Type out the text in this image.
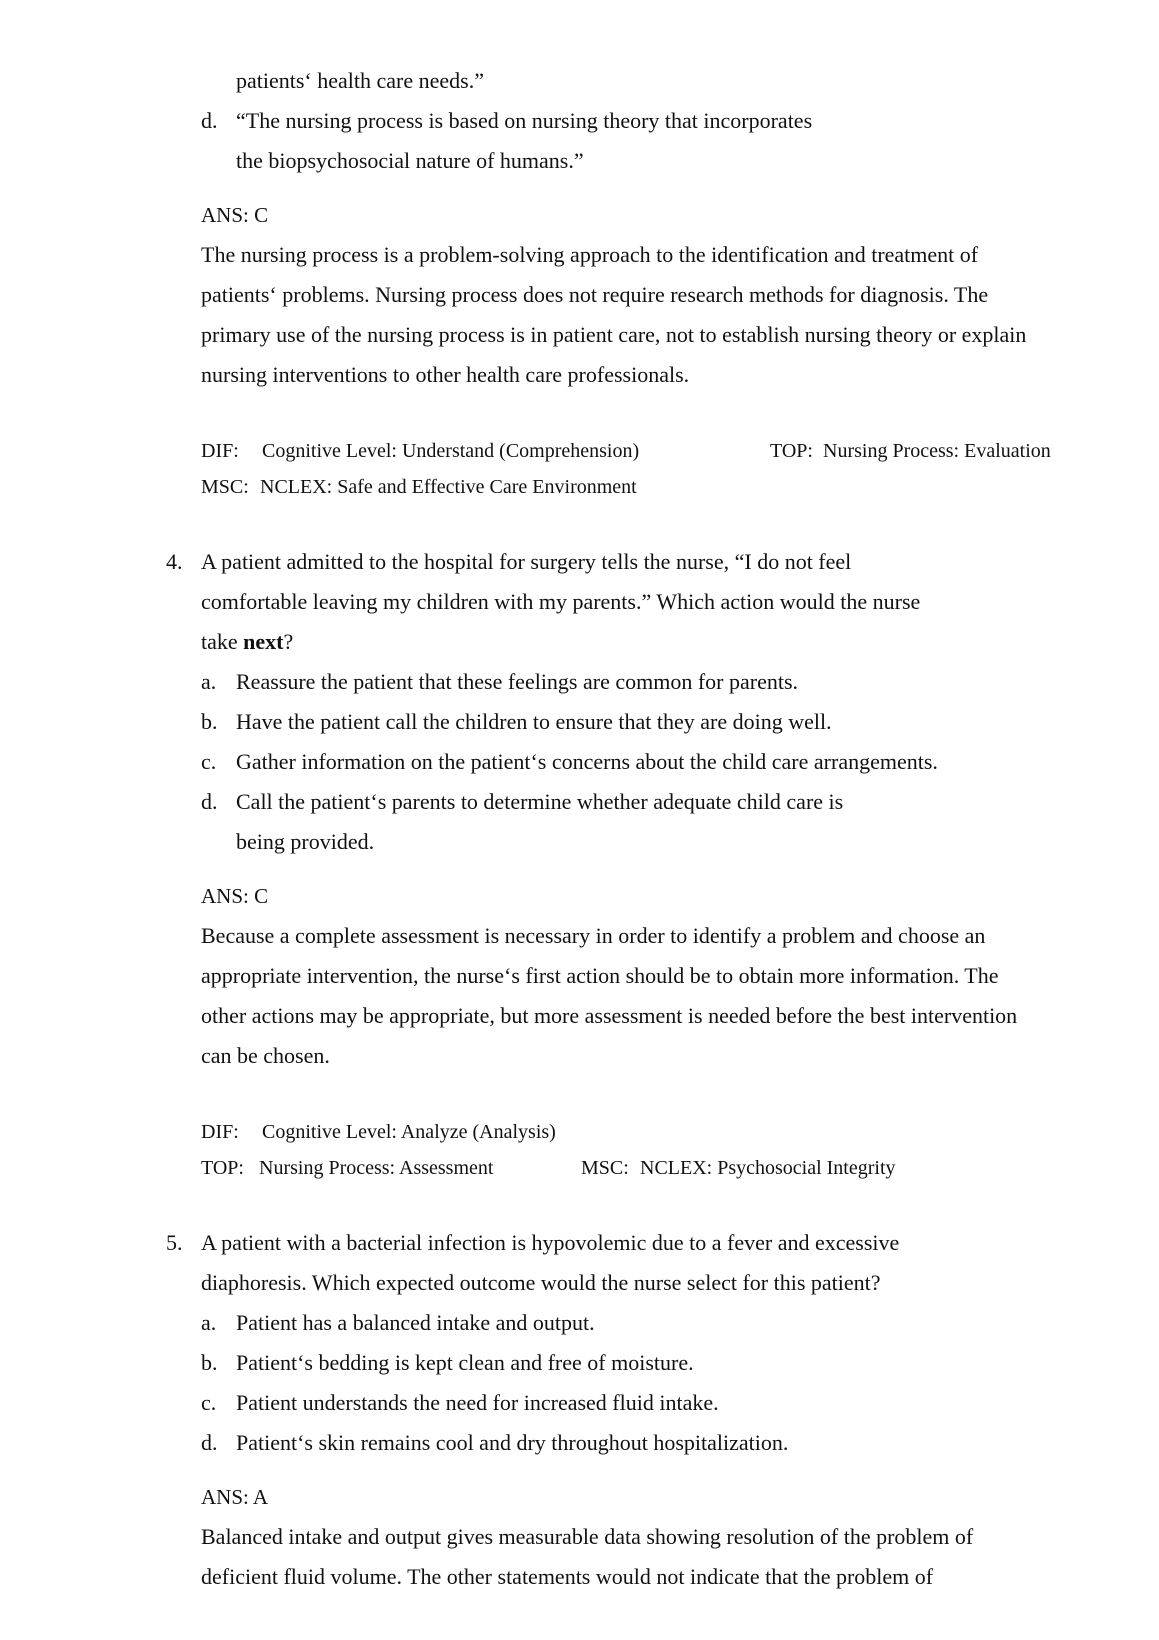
patients‘ health care needs.”
d. “The nursing process is based on nursing theory that incorporates
the biopsychosocial nature of humans.”
ANS: C
The nursing process is a problem-solving approach to the identification and treatment of
patients‘ problems. Nursing process does not require research methods for diagnosis. The
primary use of the nursing process is in patient care, not to establish nursing theory or explain
nursing interventions to other health care professionals.
DIF: Cognitive Level: Understand (Comprehension)	TOP: Nursing Process: Evaluation
MSC: NCLEX: Safe and Effective Care Environment
4. A patient admitted to the hospital for surgery tells the nurse, “I do not feel
comfortable leaving my children with my parents.” Which action would the nurse
take next?
a. Reassure the patient that these feelings are common for parents.
b. Have the patient call the children to ensure that they are doing well.
c. Gather information on the patient‘s concerns about the child care arrangements.
d. Call the patient‘s parents to determine whether adequate child care is
being provided.
ANS: C
Because a complete assessment is necessary in order to identify a problem and choose an
appropriate intervention, the nurse‘s first action should be to obtain more information. The
other actions may be appropriate, but more assessment is needed before the best intervention
can be chosen.
DIF: Cognitive Level: Analyze (Analysis)
TOP: Nursing Process: Assessment	MSC: NCLEX: Psychosocial Integrity
5. A patient with a bacterial infection is hypovolemic due to a fever and excessive
diaphoresis. Which expected outcome would the nurse select for this patient?
a. Patient has a balanced intake and output.
b. Patient‘s bedding is kept clean and free of moisture.
c. Patient understands the need for increased fluid intake.
d. Patient‘s skin remains cool and dry throughout hospitalization.
ANS: A
Balanced intake and output gives measurable data showing resolution of the problem of
deficient fluid volume. The other statements would not indicate that the problem of
